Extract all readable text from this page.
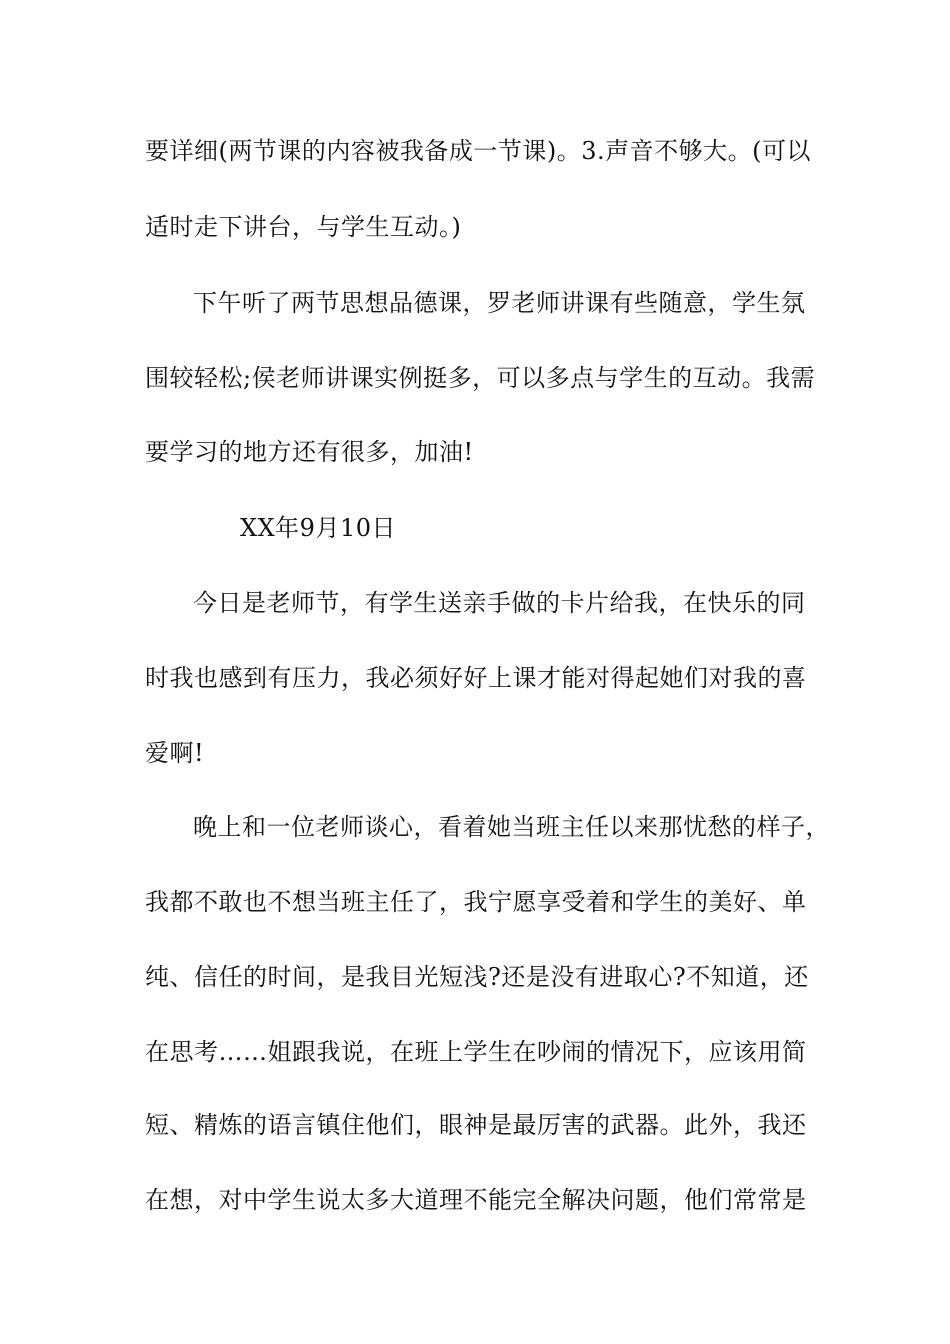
要详细(两节课的内容被我备成一节课)。3.声音不够大。(可以
适时走下讲台，与学生互动。)
下午听了两节思想品德课，罗老师讲课有些随意，学生氛
围较轻松;侯老师讲课实例挺多，可以多点与学生的互动。我需
要学习的地方还有很多，加油!
XX年9月10日
今日是老师节，有学生送亲手做的卡片给我，在快乐的同
时我也感到有压力，我必须好好上课才能对得起她们对我的喜
爱啊!
晚上和一位老师谈心，看着她当班主任以来那忧愁的样子，
我都不敢也不想当班主任了，我宁愿享受着和学生的美好、单
纯、信任的时间，是我目光短浅?还是没有进取心?不知道，还
在思考……姐跟我说，在班上学生在吵闹的情况下，应该用简
短、精炼的语言镇住他们，眼神是最厉害的武器。此外，我还
在想，对中学生说太多大道理不能完全解决问题，他们常常是
